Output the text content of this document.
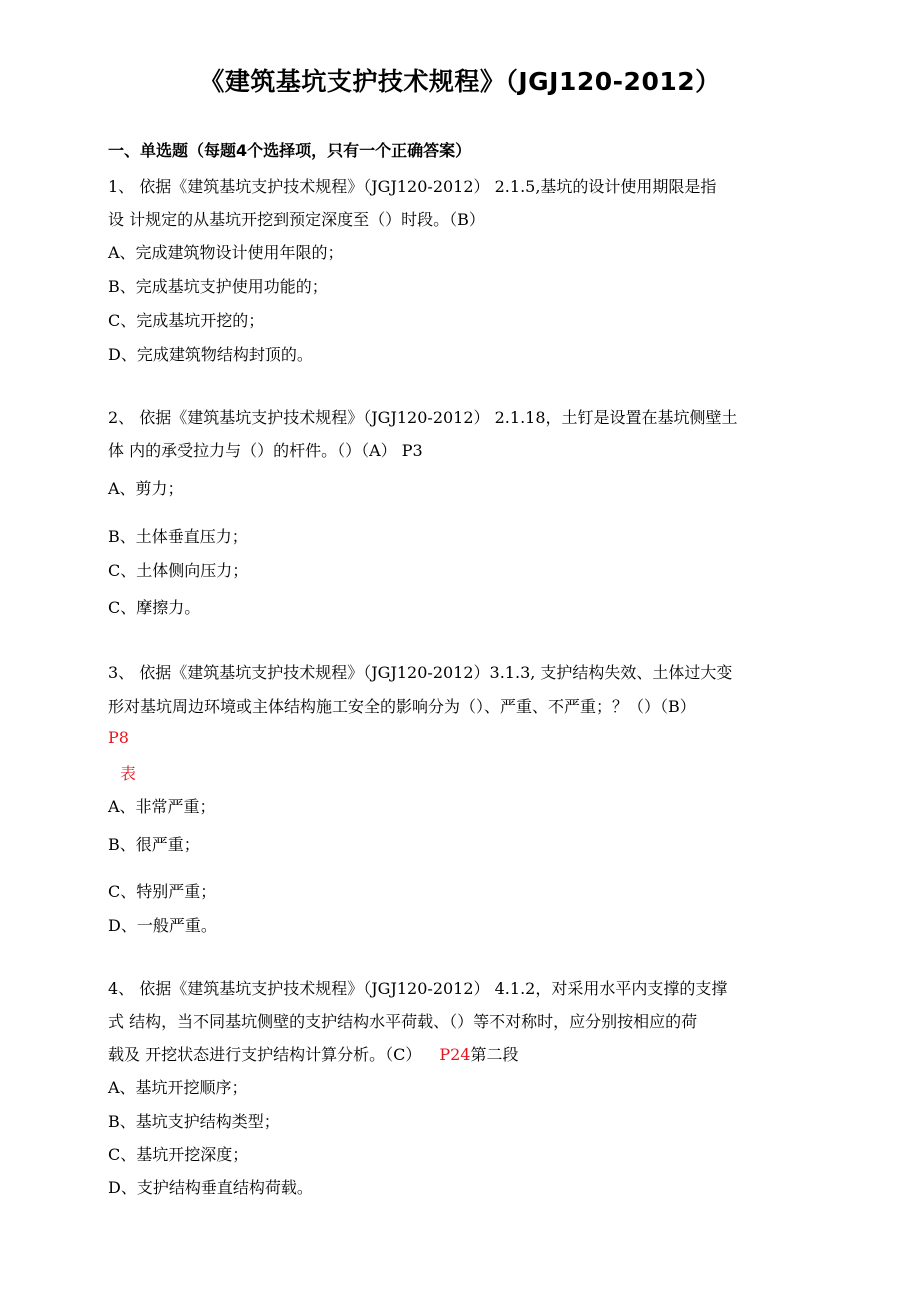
《建筑基坑支护技术规程》（JGJ120-2012）
一、单选题（每题4个选择项，只有一个正确答案）
1、 依据《建筑基坑支护技术规程》（JGJ120-2012） 2.1.5,基坑的设计使用期限是指
设 计规定的从基坑开挖到预定深度至（）时段。（B）
A、完成建筑物设计使用年限的；
B、完成基坑支护使用功能的；
C、完成基坑开挖的；
D、完成建筑物结构封顶的。
2、 依据《建筑基坑支护技术规程》（JGJ120-2012） 2.1.18，土钉是设置在基坑侧壁土
体 内的承受拉力与（）的杆件。（）（A） P3
A、剪力；
B、土体垂直压力；
C、土体侧向压力；
C、摩擦力。
3、 依据《建筑基坑支护技术规程》（JGJ120-2012）3.1.3, 支护结构失效、土体过大变
形对基坑周边环境或主体结构施工安全的影响分为（）、严重、不严重；？（）（B）
P8
表
A、非常严重；
B、很严重；
C、特别严重；
D、一般严重。
4、 依据《建筑基坑支护技术规程》（JGJ120-2012） 4.1.2，对采用水平内支撑的支撑
式 结构，当不同基坑侧壁的支护结构水平荷载、（）等不对称时，应分别按相应的荷
载及 开挖状态进行支护结构计算分析。（C） P24第二段
A、基坑开挖顺序；
B、基坑支护结构类型；
C、基坑开挖深度；
D、支护结构垂直结构荷载。
